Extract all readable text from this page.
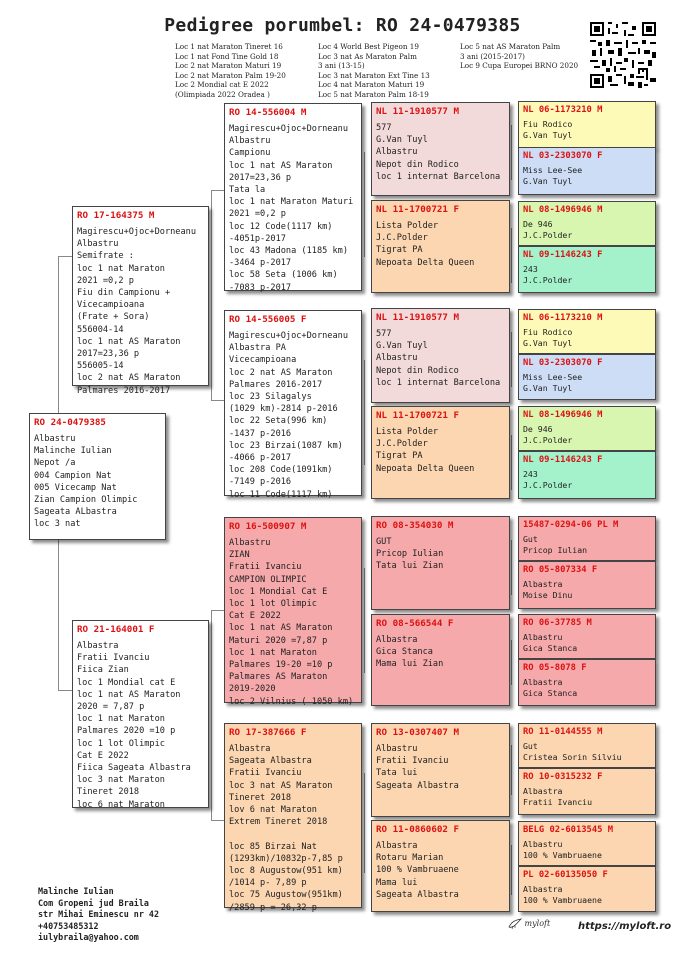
Pedigree porumbel: RO 24-0479385
Loc 1 nat Maraton Tineret 16
Loc 1 nat Fond Tine Gold 18
Loc 2 nat Maraton Maturi 19
Loc 2 nat Maraton Palm 19-20
Loc 2 Mondial cat E 2022
(Olimpiada 2022 Oradea )
Loc 4 World Best Pigeon 19
Loc 3 nat As Maraton Palm
3 ani (13-15)
Loc 3 nat Maraton Ext Tine 13
Loc 4 nat Maraton Maturi 19
Loc 5 nat Maraton Palm 18-19
Loc 5 nat AS Maraton Palm
3 ani (2015-2017)
Loc 9 Cupa Europei BRNO 2020
RO 24-0479385
Albastru
Malinche Iulian
Nepot /a
004 Campion Nat
005 Vicecamp Nat
Zian Campion Olimpic
Sageata ALbastra
loc 3 nat
RO 17-164375 M
Magirescu+Ojoc+Dorneanu
Albastru
Semifrate :
loc 1 nat Maraton
2021 =0,2 p
Fiu din Campionu +
Vicecampioana
(Frate + Sora)
556004-14
loc 1 nat AS Maraton
2017=23,36 p
556005-14
loc 2 nat AS Maraton
Palmares 2016-2017
RO 21-164001 F
Albastra
Fratii Ivanciu
Fiica Zian
loc 1 Mondial cat E
loc 1 nat AS Maraton
2020 = 7,87 p
loc 1 nat Maraton
Palmares 2020 =10 p
loc 1 lot Olimpic
Cat E 2022
Fiica Sageata Albastra
loc 3 nat Maraton
Tineret 2018
loc 6 nat Maraton
RO 14-556004 M
Magirescu+Ojoc+Dorneanu
Albastru
Campionu
loc 1 nat AS Maraton
2017=23,36 p
Tata la
loc 1 nat Maraton Maturi
2021 =0,2 p
loc 12 Code(1117 km)
-4051p-2017
loc 43 Madona (1185 km)
-3464 p-2017
loc 58 Seta (1006 km)
-7083 p-2017
RO 14-556005 F
Magirescu+Ojoc+Dorneanu
Albastra PA
Vicecampioana
loc 2 nat AS Maraton
Palmares 2016-2017
loc 23 Silagalys
(1029 km)-2814 p-2016
loc 22 Seta(996 km)
-1437 p-2016
loc 23 Birzai(1087 km)
-4066 p-2017
loc 208 Code(1091km)
-7149 p-2016
loc 11 Code(1117 km)
RO 16-500907 M
Albastru
ZIAN
Fratii Ivanciu
CAMPION OLIMPIC
loc 1 Mondial Cat E
loc 1 lot Olimpic
Cat E 2022
loc 1 nat AS Maraton
Maturi 2020 =7,87 p
loc 1 nat Maraton
Palmares 19-20 =10 p
Palmares AS Maraton
2019-2020
loc 2 Vilnius ( 1050 km)
RO 17-387666 F
Albastra
Sageata Albastra
Fratii Ivanciu
loc 3 nat AS Maraton
Tineret 2018
lov 6 nat Maraton
Extrem Tineret 2018

loc 85 Birzai Nat
(1293km)/10832p-7,85 p
loc 8 Augustow(951 km)
/1014 p- 7,89 p
loc 75 Augustow(951km)
/2859 p = 26,32 p
NL 11-1910577 M
577
G.Van Tuyl
Albastru
Nepot din Rodico
loc 1 internat Barcelona
NL 11-1700721 F
Lista Polder
J.C.Polder
Tigrat PA
Nepoata Delta Queen
NL 11-1910577 M
577
G.Van Tuyl
Albastru
Nepot din Rodico
loc 1 internat Barcelona
NL 11-1700721 F
Lista Polder
J.C.Polder
Tigrat PA
Nepoata Delta Queen
RO 08-354030 M
GUT
Pricop Iulian
Tata lui Zian
RO 08-566544 F
Albastra
Gica Stanca
Mama lui Zian
RO 13-0307407 M
Albastru
Fratii Ivanciu
Tata lui
Sageata Albastra
RO 11-0860602 F
Albastra
Rotaru Marian
100 % Vambruaene
Mama lui
Sageata Albastra
NL 06-1173210 M
Fiu Rodico
G.Van Tuyl
NL 03-2303070 F
Miss Lee-See
G.Van Tuyl
NL 08-1496946 M
De 946
J.C.Polder
NL 09-1146243 F
243
J.C.Polder
NL 06-1173210 M
Fiu Rodico
G.Van Tuyl
NL 03-2303070 F
Miss Lee-See
G.Van Tuyl
NL 08-1496946 M
De 946
J.C.Polder
NL 09-1146243 F
243
J.C.Polder
15487-0294-06 PL M
Gut
Pricop Iulian
RO 05-807334 F
Albastra
Moise Dinu
RO 06-37785 M
Albastru
Gica Stanca
RO 05-8078 F
Albastra
Gica Stanca
RO 11-0144555 M
Gut
Cristea Sorin Silviu
RO 10-0315232 F
Albastra
Fratii Ivanciu
BELG 02-6013545 M
Albastru
100 % Vambruaene
PL 02-60135050 F
Albastra
100 % Vambruaene
Malinche Iulian
Com Gropeni jud Braila
str Mihai Eminescu nr 42
+40753485312
iulybraila@yahoo.com
myloft	https://myloft.ro
